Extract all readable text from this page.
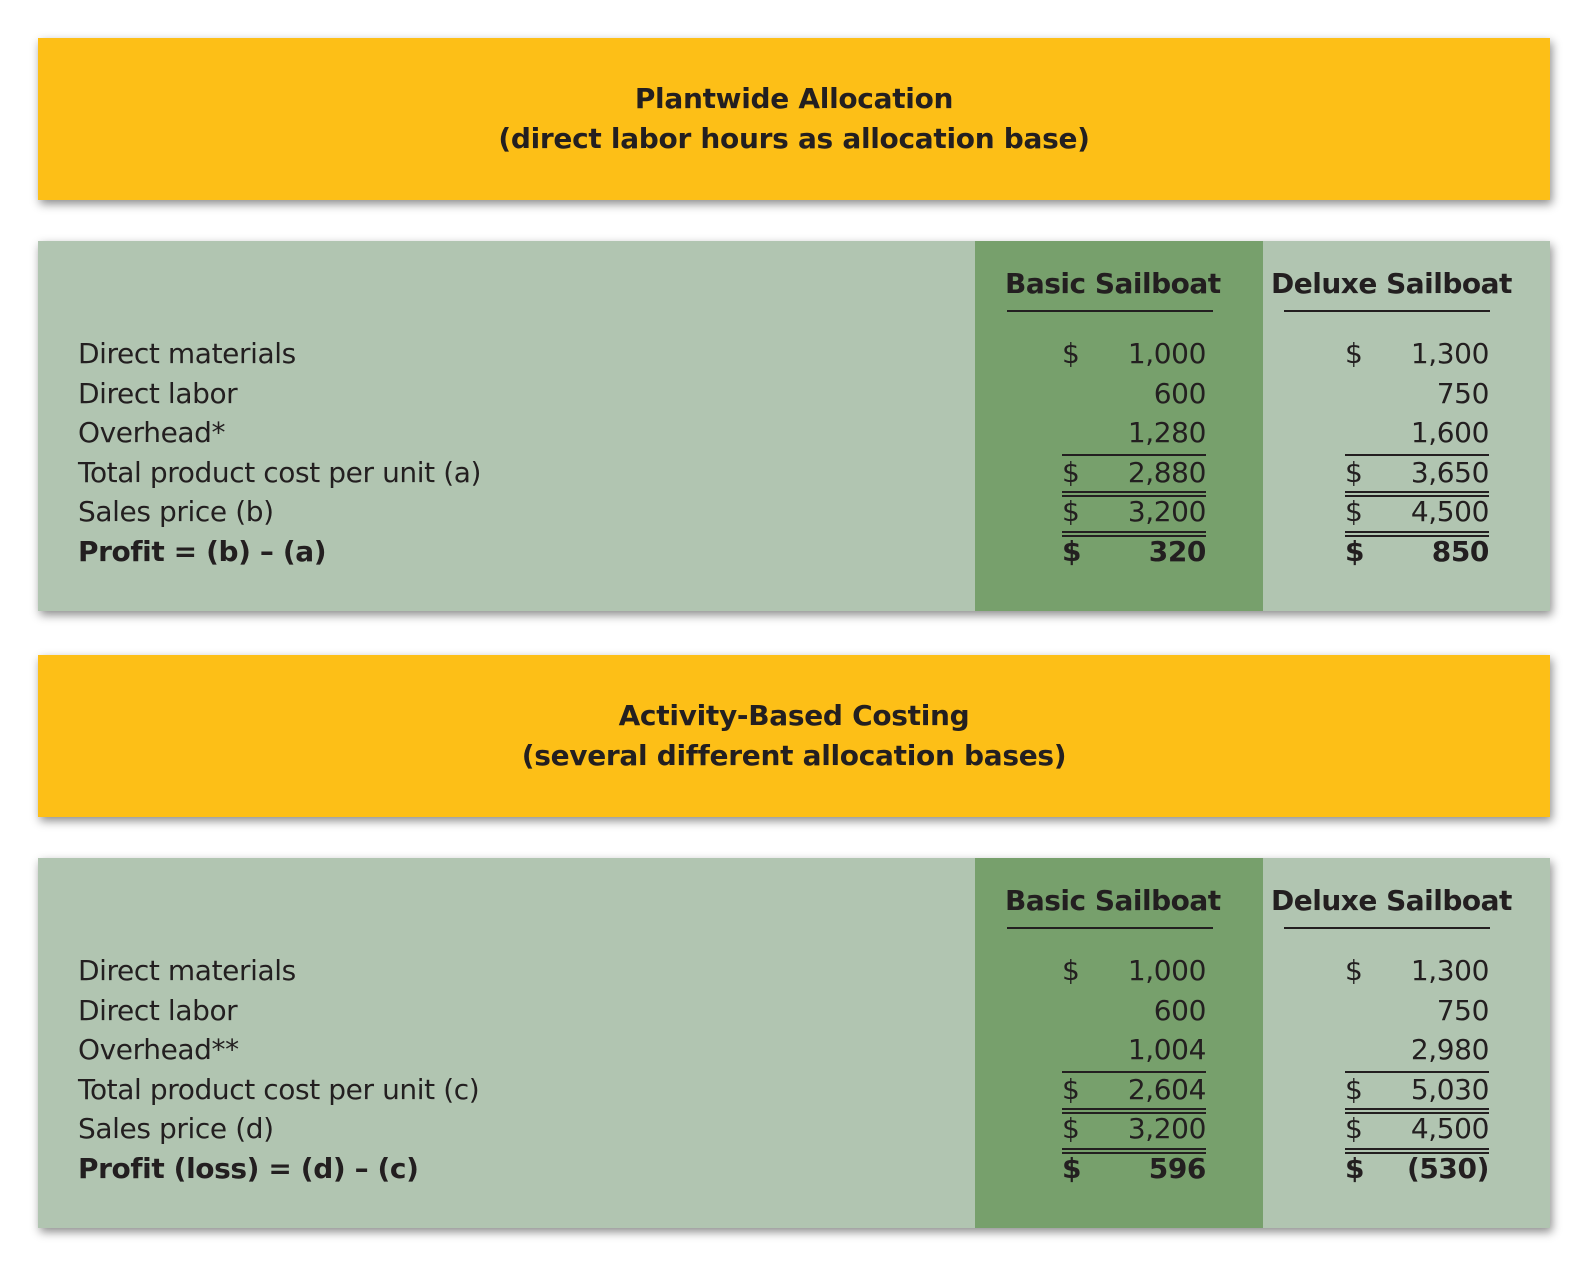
Plantwide Allocation
(direct labor hours as allocation base)
Basic Sailboat Deluxe Sailboat
Direct materials
Direct labor
Overhead*
Total product cost per unit (a)
Sales price (b)
Profit = (b) – (a)
$ 1,000
600
1,280
$ 2,880
$ 3,200
$ 320
$ 1,300
750
1,600
$ 3,650
$ 4,500
$ 850
Activity-Based Costing
(several different allocation bases)
Basic Sailboat Deluxe Sailboat
Direct materials
Direct labor
Overhead**
Total product cost per unit (c)
Sales price (d)
Profit (loss) = (d) – (c)
$ 1,000
600
1,004
$ 2,604
$ 3,200
$ 596
$ 1,300
750
2,980
$ 5,030
$ 4,500
$ (530)
